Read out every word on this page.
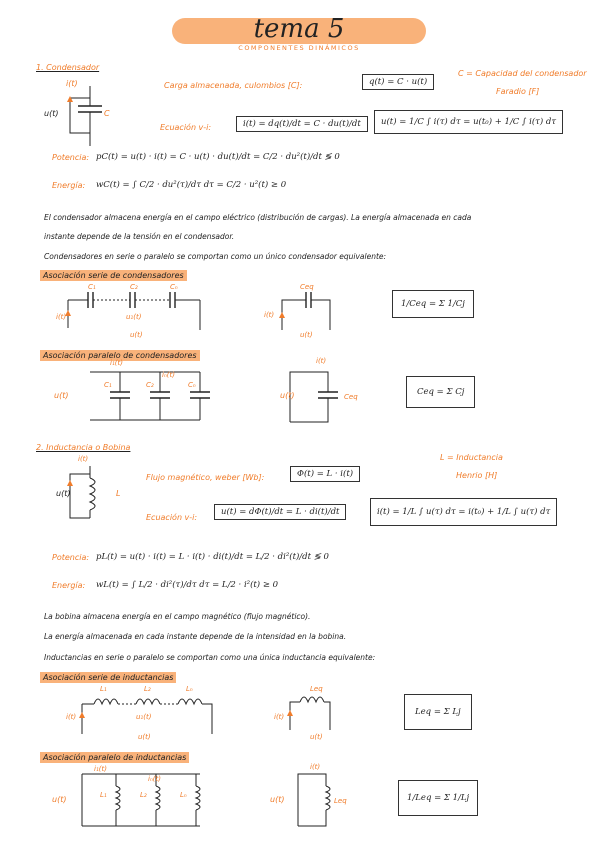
tema 5
COMPONENTES DINÁMICOS
1. Condensador
i(t)
u(t)	C
Carga almacenada, culombios [C]:	q(t) = C · u(t)
C = Capacidad del condensador
Faradio [F]
Ecuación v-i:	i(t) = dq(t)/dt = C · du(t)/dt	u(t) = 1/C ∫ i(τ) dτ = u(t₀) + 1/C ∫ i(τ) dτ
Potencia: pC(t) = u(t) · i(t) = C · u(t) · du(t)/dt = C/2 · du²(t)/dt ≶ 0
Energía: wC(t) = ∫ C/2 · du²(τ)/dτ dτ = C/2 · u²(t) ≥ 0
El condensador almacena energía en el campo eléctrico (distribución de cargas). La energía almacenada en cada
instante depende de la tensión en el condensador.
Condensadores en serie o paralelo se comportan como un único condensador equivalente:
Asociación serie de condensadores
C₁	C₂	Cₙ
i(t)	u₁(t)
u(t)
Ceq
i(t)
u(t)
1/Ceq = Σ 1/Cj
Asociación paralelo de condensadores
i₁(t)
iₙ(t)
C₁	C₂	Cₙ
u(t)
i(t)
u(t)	Ceq	Ceq = Σ Cj
2. Inductancia o Bobina
L = Inductancia
Henrio [H]
i(t)
u(t)	L
Flujo magnético, weber [Wb]:	Φ(t) = L · i(t)
Ecuación v-i:
u(t) = dΦ(t)/dt = L · di(t)/dt	i(t) = 1/L ∫ u(τ) dτ = i(t₀) + 1/L ∫ u(τ) dτ
Potencia: pL(t) = u(t) · i(t) = L · i(t) · di(t)/dt = L/2 · di²(t)/dt ≶ 0
Energía: wL(t) = ∫ L/2 · di²(τ)/dτ dτ = L/2 · i²(t) ≥ 0
La bobina almacena energía en el campo magnético (flujo magnético).
La energía almacenada en cada instante depende de la intensidad en la bobina.
Inductancias en serie o paralelo se comportan como una única inductancia equivalente:
Asociación serie de inductancias
L₁	L₂	Lₙ
i(t)	u₁(t)
u(t)
Leq
i(t)
u(t)
Leq = Σ Lj
Asociación paralelo de inductancias
i₁(t)
iₙ(t)
L₁	L₂	Lₙ
u(t)
i(t)
u(t)	Leq	1/Leq = Σ 1/Lj
